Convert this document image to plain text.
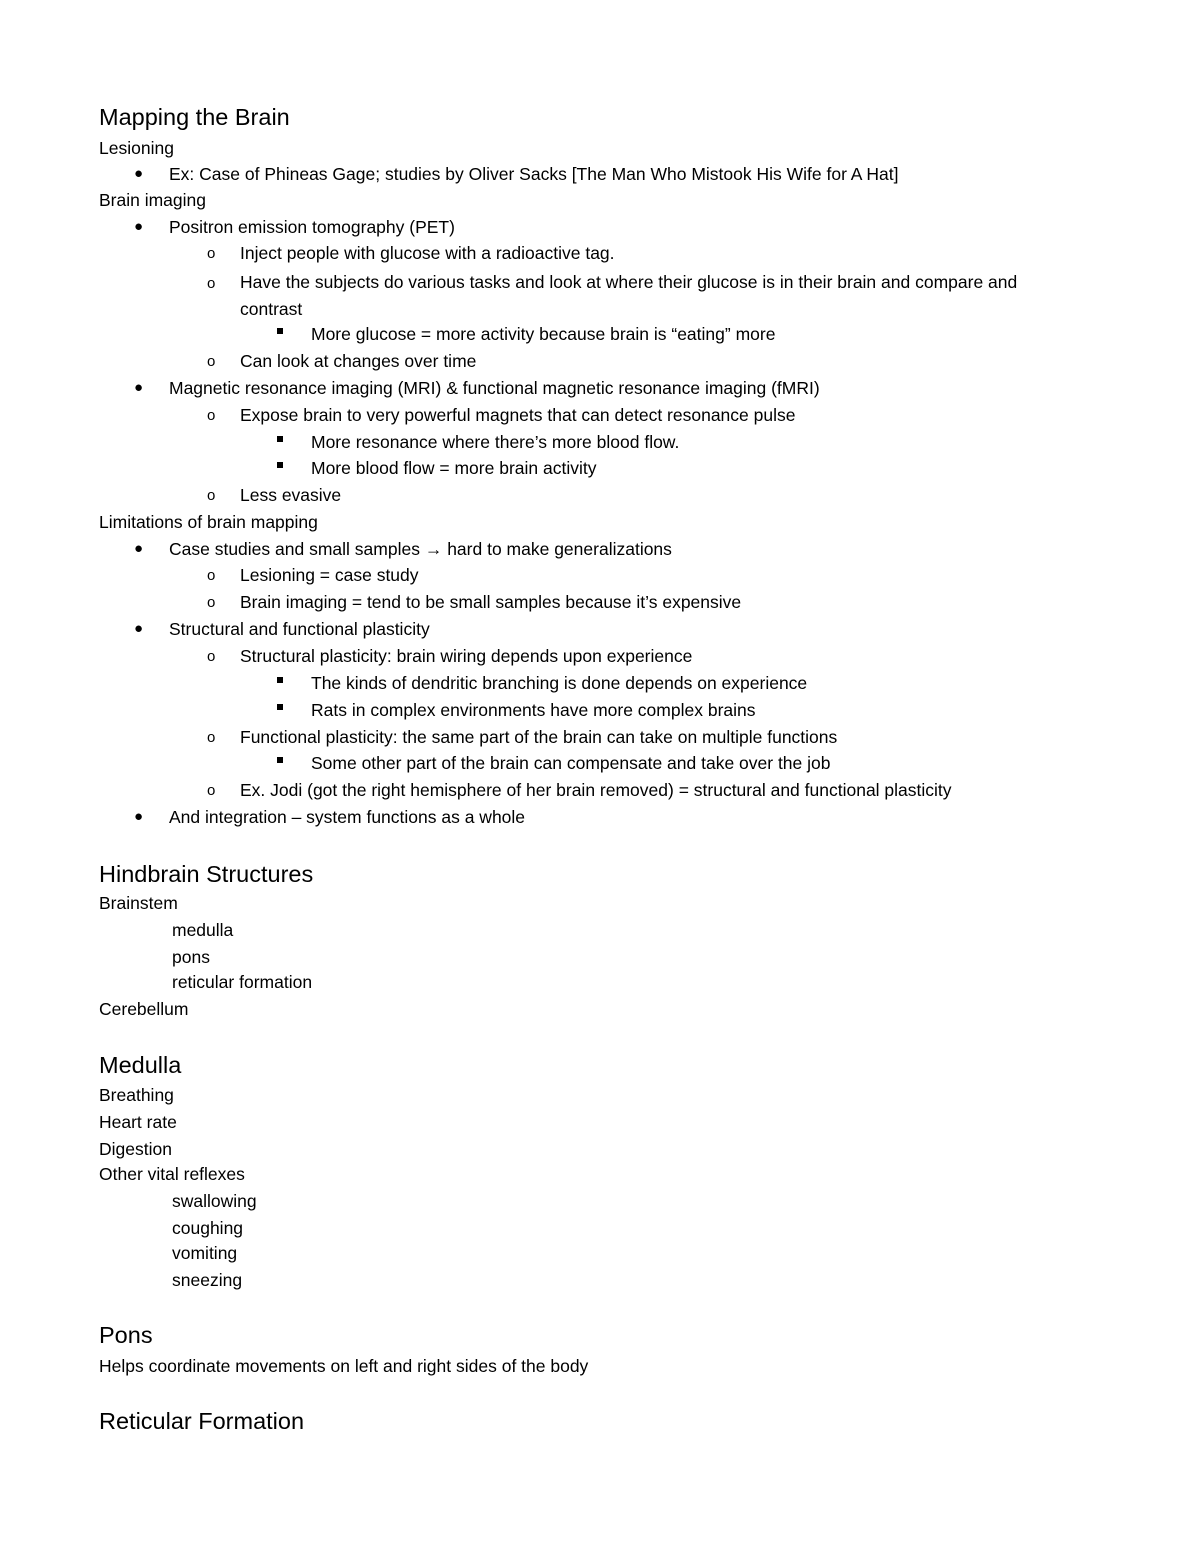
Mapping the Brain
Lesioning
● Ex: Case of Phineas Gage; studies by Oliver Sacks [The Man Who Mistook His Wife for A Hat]
Brain imaging
● Positron emission tomography (PET)
o Inject people with glucose with a radioactive tag.
o Have the subjects do various tasks and look at where their glucose is in their brain and compare and contrast
More glucose = more activity because brain is “eating” more
o Can look at changes over time
● Magnetic resonance imaging (MRI) & functional magnetic resonance imaging (fMRI)
o Expose brain to very powerful magnets that can detect resonance pulse
More resonance where there’s more blood flow.
More blood flow = more brain activity
o Less evasive
Limitations of brain mapping
● Case studies and small samples → hard to make generalizations
o Lesioning = case study
o Brain imaging = tend to be small samples because it’s expensive
● Structural and functional plasticity
o Structural plasticity: brain wiring depends upon experience
The kinds of dendritic branching is done depends on experience
Rats in complex environments have more complex brains
o Functional plasticity: the same part of the brain can take on multiple functions
Some other part of the brain can compensate and take over the job
o Ex. Jodi (got the right hemisphere of her brain removed) = structural and functional plasticity
● And integration – system functions as a whole
Hindbrain Structures
Brainstem
medulla
pons
reticular formation
Cerebellum
Medulla
Breathing
Heart rate
Digestion
Other vital reflexes
swallowing
coughing
vomiting
sneezing
Pons
Helps coordinate movements on left and right sides of the body
Reticular Formation
